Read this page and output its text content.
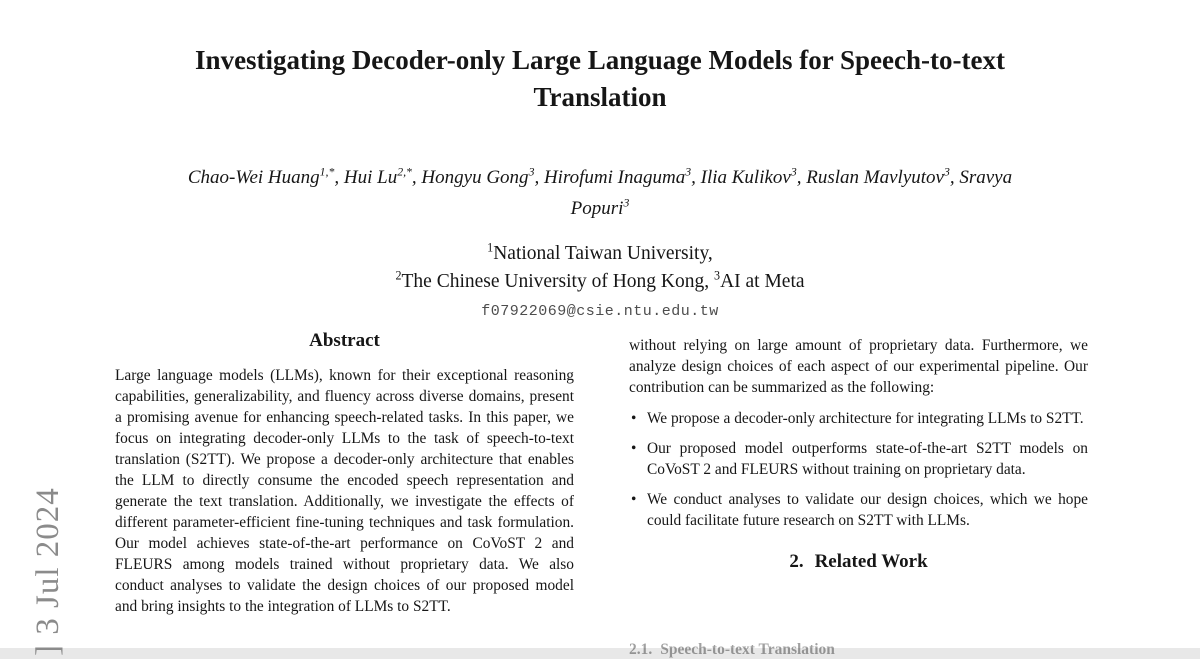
] 3 Jul 2024
Investigating Decoder-only Large Language Models for Speech-to-text Translation
Chao-Wei Huang$^{1,*}$, Hui $Lu^{2,*}$, Hongyu Gong$^3$, Hirofumi Inaguma$^3$, Ilia Kulikov$^3$, Ruslan Mavlyutov$^3$, Sravya Popuri$^3$
$^1$National Taiwan University,
$^2$The Chinese University of Hong Kong, $^3$AI at Meta
f07922069@csie.ntu.edu.tw
Abstract

Large language models (LLMs), known for their exceptional reasoning capabilities, generalizability, and fluency across diverse domains, present a promising avenue for enhancing speech-related tasks. In this paper, we focus on integrating decoder-only LLMs to the task of speech-to-text translation (S2TT). We propose a decoder-only architecture that enables the LLM to directly consume the encoded speech representation and generate the text translation. Additionally, we investigate the effects of different parameter-efficient fine-tuning techniques and task formulation. Our model achieves state-of-the-art performance on CoVoST 2 and FLEURS among models trained without proprietary data. We also conduct analyses to validate the design choices of our proposed model and bring insights to the integration of LLMs to S2TT.

without relying on large amount of proprietary data. Furthermore, we analyze design choices of each aspect of our experimental pipeline. Our contribution can be summarized as the following:

• We propose a decoder-only architecture for integrating LLMs to S2TT.
• Our proposed model outperforms state-of-the-art S2TT models on CoVoST 2 and FLEURS without training on proprietary data.
• We conduct analyses to validate our design choices, which we hope could facilitate future research on S2TT with LLMs.
2. Related Work
2.1. Speech-to-text Translation
